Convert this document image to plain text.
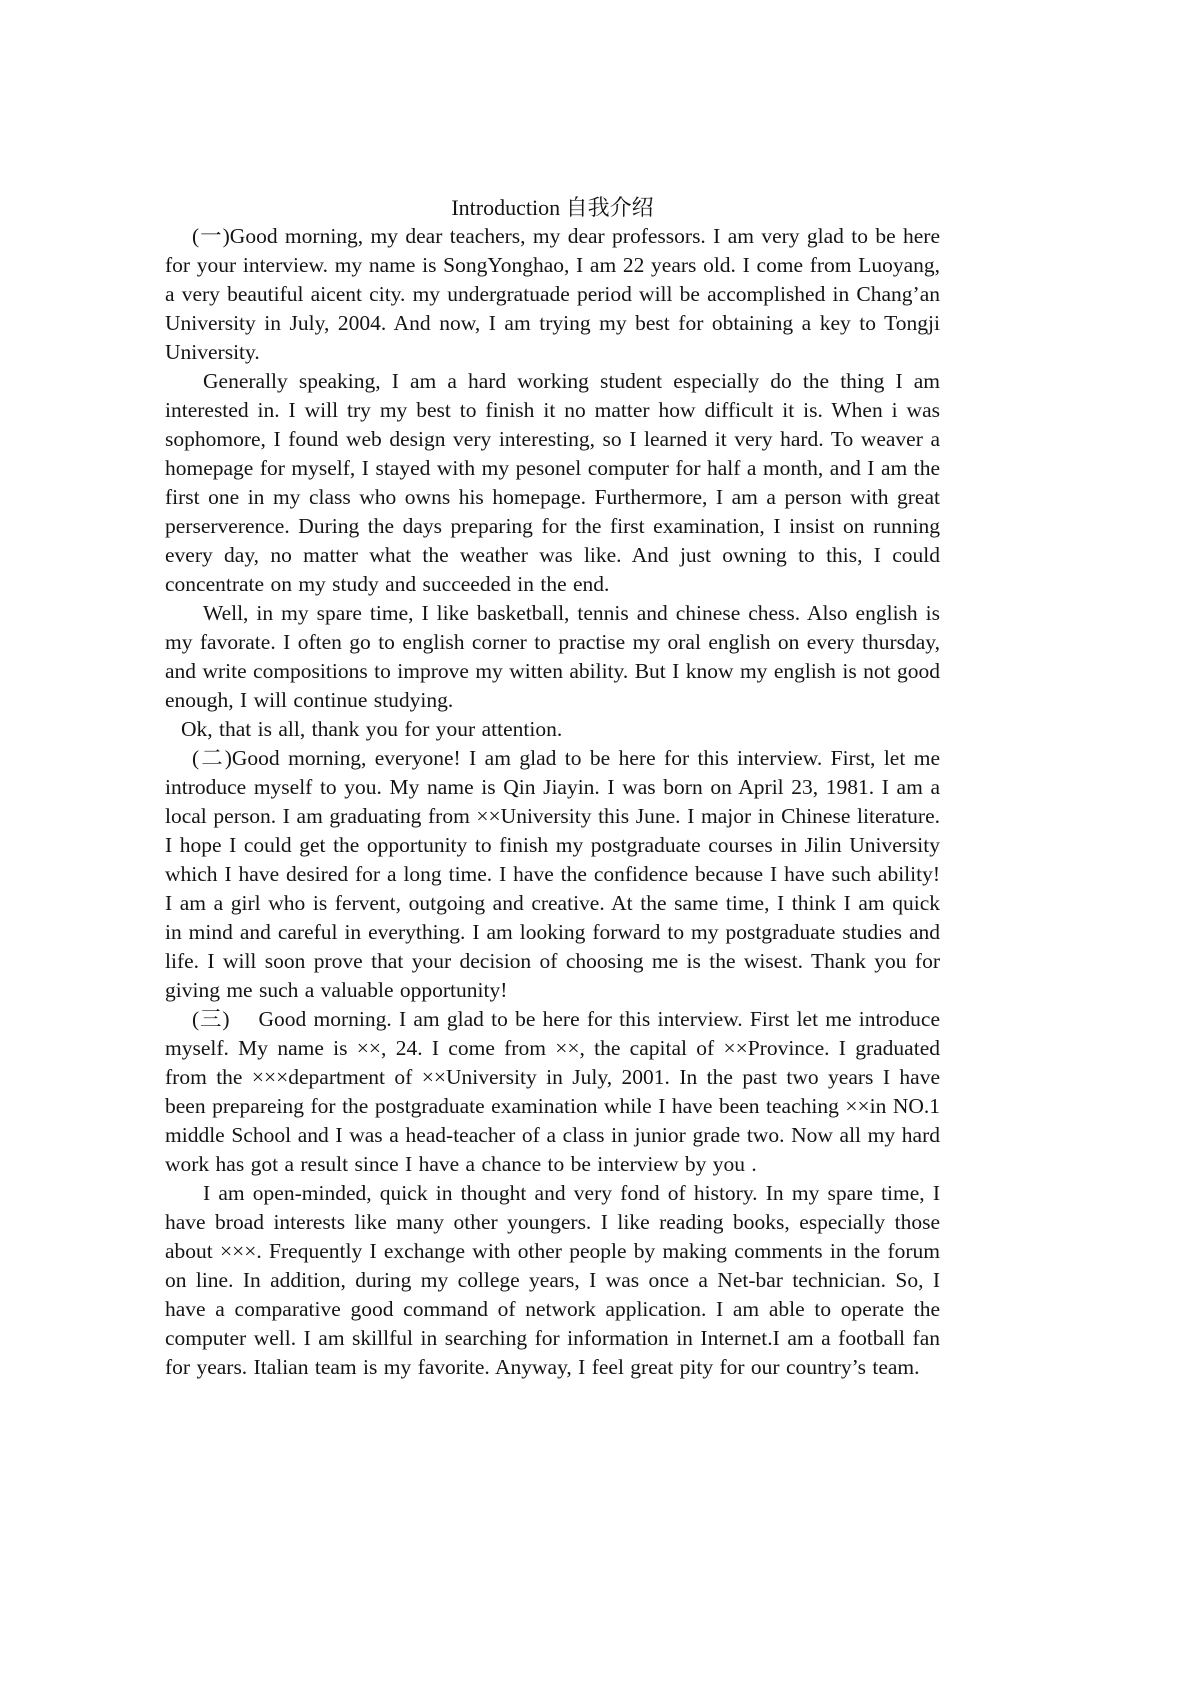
Introduction 自我介绍

(一)Good morning, my dear teachers, my dear professors. I am very glad to be here for your interview. my name is SongYonghao, I am 22 years old. I come from Luoyang, a very beautiful aicent city. my undergratuade period will be accomplished in Chang’an University in July, 2004. And now, I am trying my best for obtaining a key to Tongji University.

Generally speaking, I am a hard working student especially do the thing I am interested in. I will try my best to finish it no matter how difficult it is. When i was sophomore, I found web design very interesting, so I learned it very hard. To weaver a homepage for myself, I stayed with my pesonel computer for half a month, and I am the first one in my class who owns his homepage. Furthermore, I am a person with great perserverence. During the days preparing for the first examination, I insist on running every day, no matter what the weather was like. And just owning to this, I could concentrate on my study and succeeded in the end.

Well, in my spare time, I like basketball, tennis and chinese chess. Also english is my favorate. I often go to english corner to practise my oral english on every thursday, and write compositions to improve my witten ability. But I know my english is not good enough, I will continue studying.

Ok, that is all, thank you for your attention.

(二)Good morning, everyone! I am glad to be here for this interview. First, let me introduce myself to you. My name is Qin Jiayin. I was born on April 23, 1981. I am a local person. I am graduating from ××University this June. I major in Chinese literature. I hope I could get the opportunity to finish my postgraduate courses in Jilin University which I have desired for a long time. I have the confidence because I have such ability! I am a girl who is fervent, outgoing and creative. At the same time, I think I am quick in mind and careful in everything. I am looking forward to my postgraduate studies and life. I will soon prove that your decision of choosing me is the wisest. Thank you for giving me such a valuable opportunity!

(三)    Good morning. I am glad to be here for this interview. First let me introduce myself. My name is ××, 24. I come from ××, the capital of ××Province. I graduated from the ×××department of ××University in July, 2001. In the past two years I have been prepareing for the postgraduate examination while I have been teaching ××in NO.1 middle School and I was a head-teacher of a class in junior grade two. Now all my hard work has got a result since I have a chance to be interview by you .

I am open-minded, quick in thought and very fond of history. In my spare time, I have broad interests like many other youngers. I like reading books, especially those about ×××. Frequently I exchange with other people by making comments in the forum on line. In addition, during my college years, I was once a Net-bar technician. So, I have a comparative good command of network application. I am able to operate the computer well. I am skillful in searching for information in Internet.I am a football fan for years. Italian team is my favorite. Anyway, I feel great pity for our country’s team.
